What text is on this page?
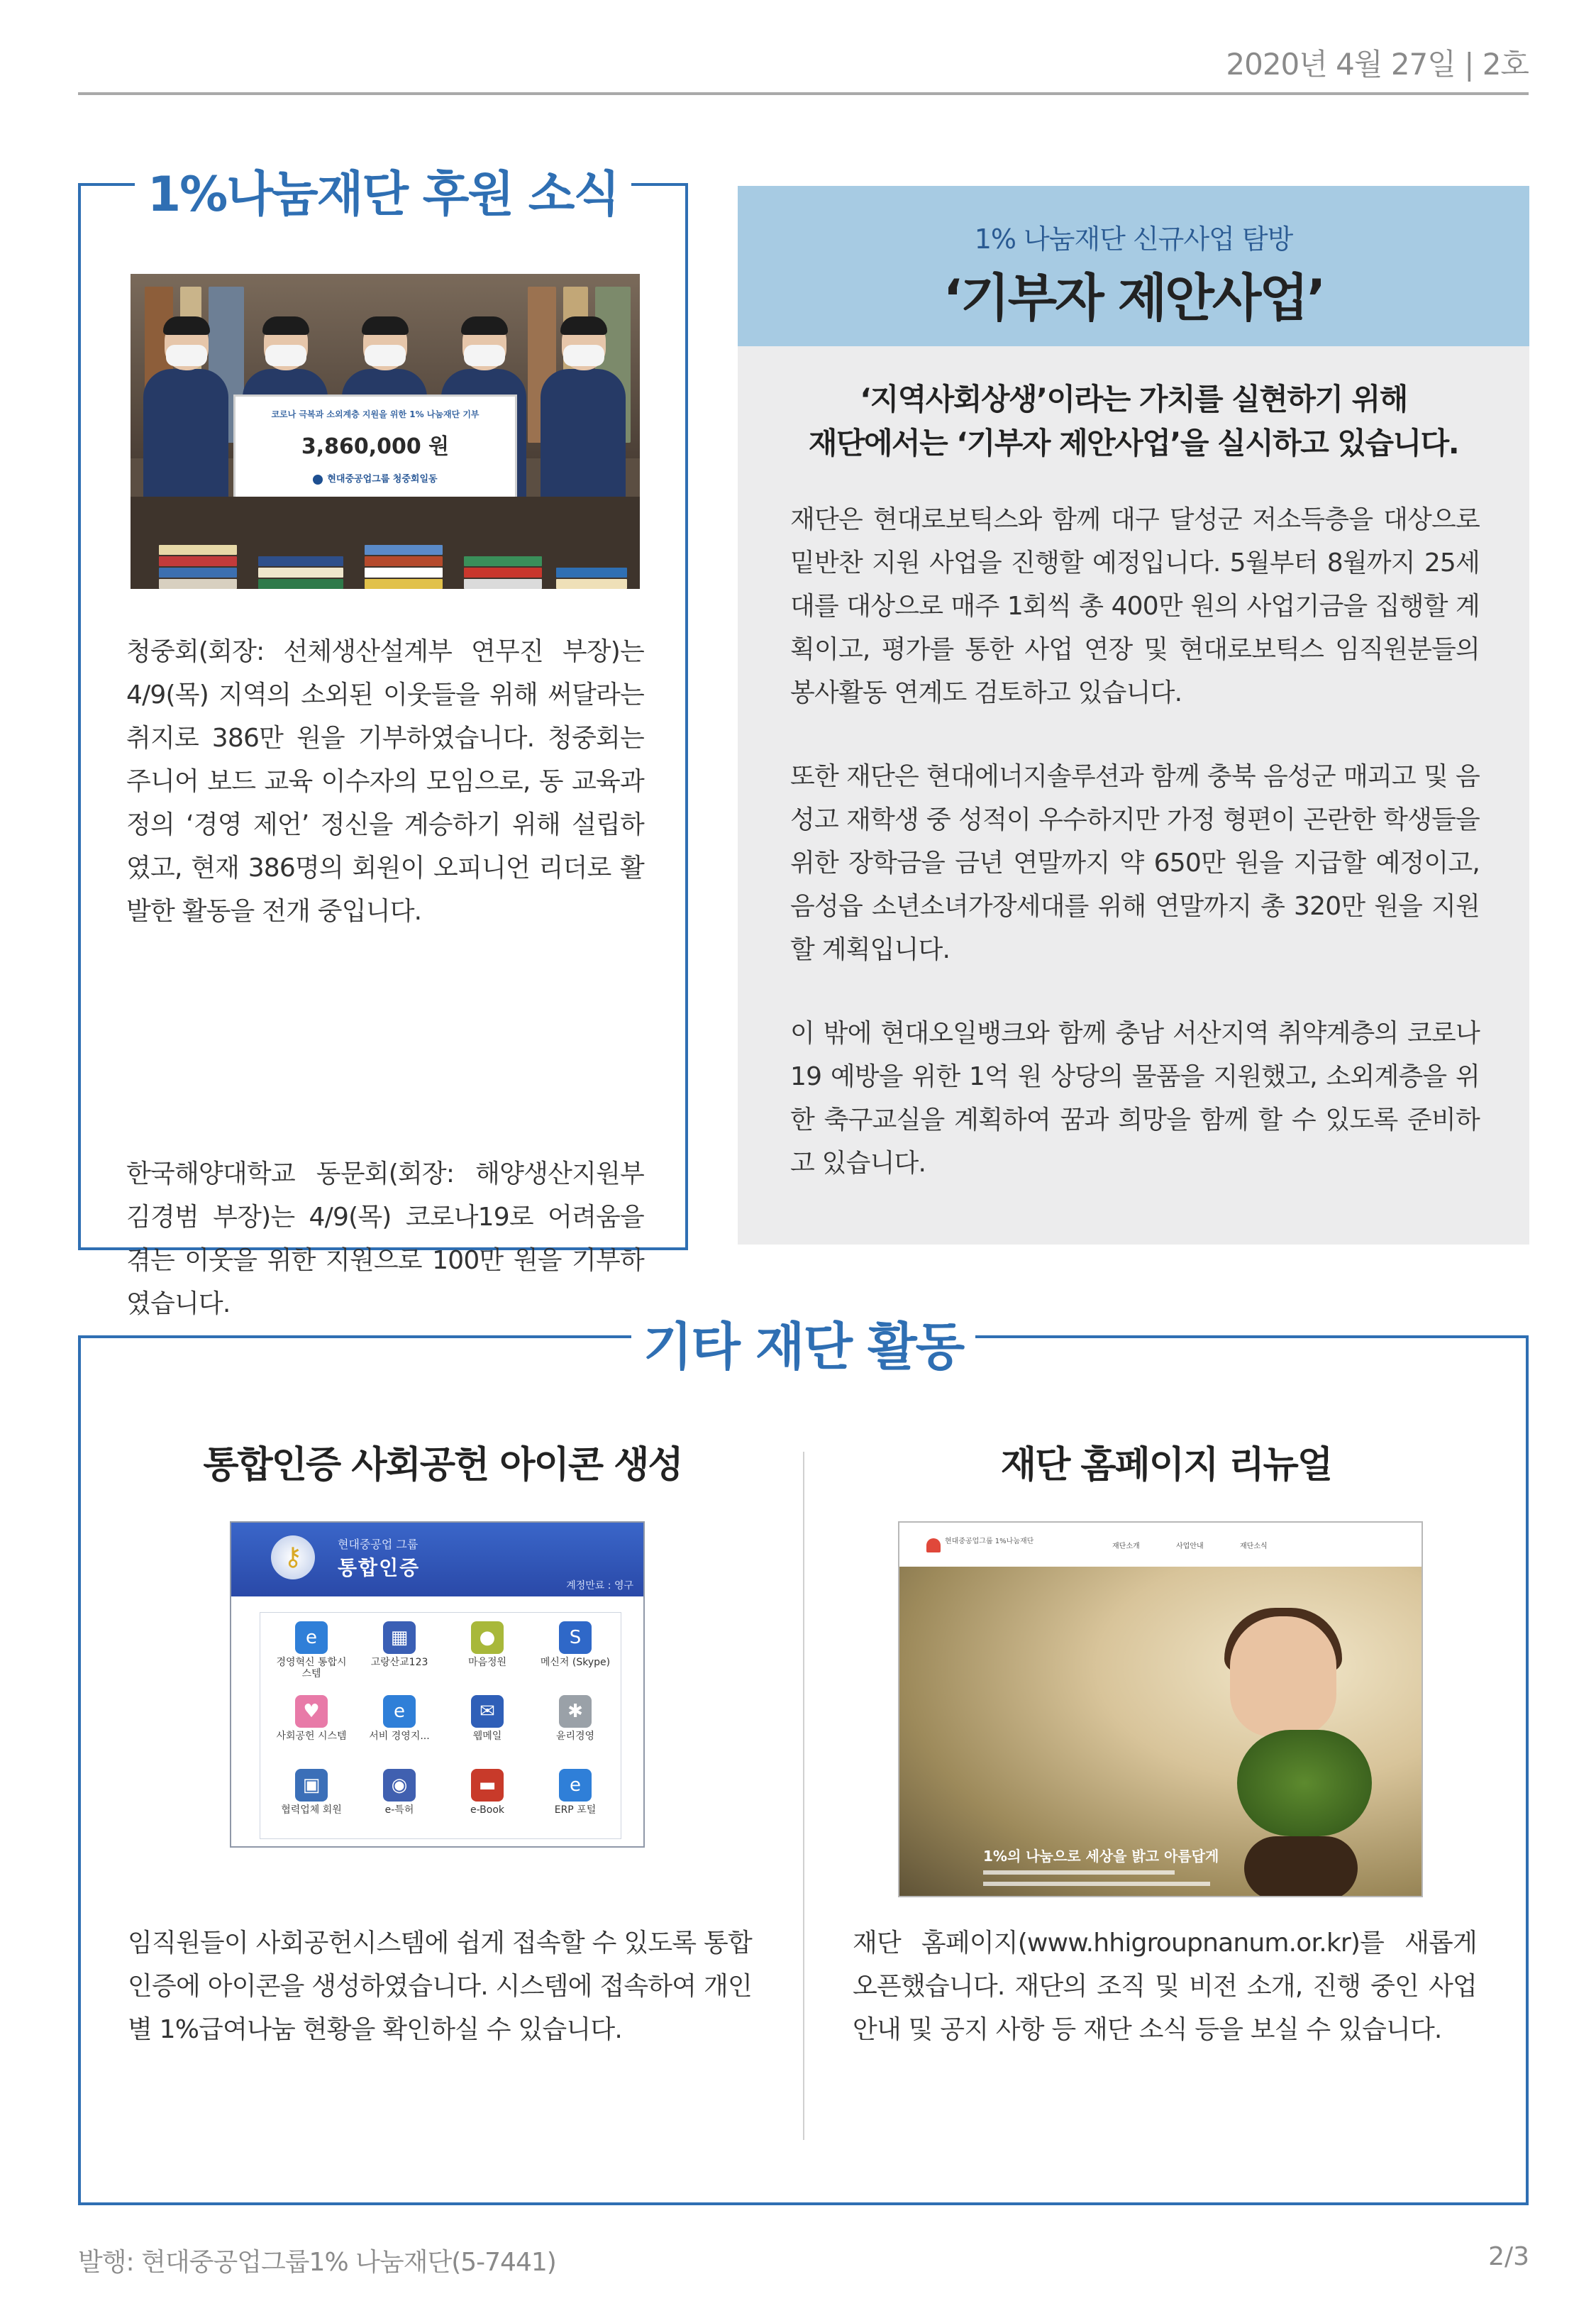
2020년 4월 27일 | 2호
1%나눔재단 후원 소식
코로나 극복과 소외계층 지원을 위한 1% 나눔재단 기부
3,860,000 원
현대중공업그룹 청중회일동

청중회(회장: 선체생산설계부 연무진 부장)는 4/9(목) 지역의 소외된 이웃들을 위해 써달라는 취지로 386만 원을 기부하였습니다. 청중회는 주니어 보드 교육 이수자의 모임으로, 동 교육과정의 ‘경영 제언’ 정신을 계승하기 위해 설립하였고, 현재 386명의 회원이 오피니언 리더로 활발한 활동을 전개 중입니다.

한국해양대학교 동문회(회장: 해양생산지원부 김경범 부장)는 4/9(목) 코로나19로 어려움을 겪는 이웃을 위한 지원으로 100만 원을 기부하였습니다.

1% 나눔재단 신규사업 탐방
‘기부자 제안사업’
‘지역사회상생’이라는 가치를 실현하기 위해
재단에서는 ‘기부자 제안사업’을 실시하고 있습니다.

재단은 현대로보틱스와 함께 대구 달성군 저소득층을 대상으로 밑반찬 지원 사업을 진행할 예정입니다. 5월부터 8월까지 25세대를 대상으로 매주 1회씩 총 400만 원의 사업기금을 집행할 계획이고, 평가를 통한 사업 연장 및 현대로보틱스 임직원분들의 봉사활동 연계도 검토하고 있습니다.

또한 재단은 현대에너지솔루션과 함께 충북 음성군 매괴고 및 음성고 재학생 중 성적이 우수하지만 가정 형편이 곤란한 학생들을 위한 장학금을 금년 연말까지 약 650만 원을 지급할 예정이고, 음성읍 소년소녀가장세대를 위해 연말까지 총 320만 원을 지원할 계획입니다.

이 밖에 현대오일뱅크와 함께 충남 서산지역 취약계층의 코로나19 예방을 위한 1억 원 상당의 물품을 지원했고, 소외계층을 위한 축구교실을 계획하여 꿈과 희망을 함께 할 수 있도록 준비하고 있습니다.

기타 재단 활동
통합인증 사회공헌 아이콘 생성	재단 홈페이지 리뉴얼
⚷	현대중공업 그룹
통합인증
계정만료 : 영구
e
경영혁신 통합시스템
▦
고랑산교123
●
마음정원
S
메신저 (Skype)
♥
사회공헌 시스템
e
서비 경영지...
✉
웹메일
✱
윤리경영
▣
협력업체 회원
◉
e-특허
▬
e-Book
e
ERP 포털
현대중공업그룹 1%나눔재단
재단소개	사업안내	재단소식
1%의 나눔으로 세상을 밝고 아름답게

임직원들이 사회공헌시스템에 쉽게 접속할 수 있도록 통합인증에 아이콘을 생성하였습니다. 시스템에 접속하여 개인별 1%급여나눔 현황을 확인하실 수 있습니다.

재단 홈페이지(www.hhigroupnanum.or.kr)를 새롭게 오픈했습니다. 재단의 조직 및 비전 소개, 진행 중인 사업 안내 및 공지 사항 등 재단 소식 등을 보실 수 있습니다.

발행: 현대중공업그룹1% 나눔재단(5-7441)	2/3
